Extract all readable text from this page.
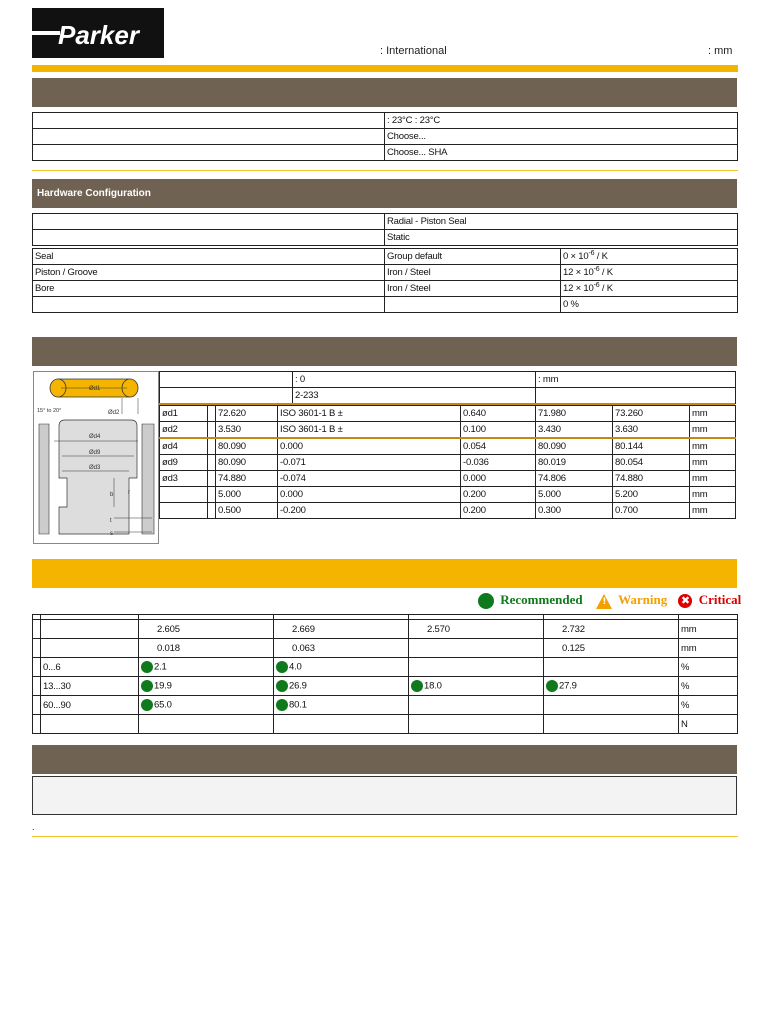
Parker
: International	: mm
	: 23°C : 23°C
	Choose...
	Choose... SHA
Hardware Configuration
	Radial - Piston Seal
	Static
Seal	Group default	$0 \times 10^{-6} / K$
Piston / Groove	Iron / Steel	$12 \times 10^{-6} / K$
Bore	Iron / Steel	$12 \times 10^{-6} / K$
		0 %
Ød1
Ød2
15° to 20°
Ød4
Ød9
Ød3
b r
t
s
	: 0	: mm
	2-233	
ød1		72.620	ISO 3601-1 B ±	0.640	71.980	73.260	mm
ød2		3.530	ISO 3601-1 B ±	0.100	3.430	3.630	mm
ød4		80.090	0.000	0.054	80.090	80.144	mm
ød9		80.090	-0.071	-0.036	80.019	80.054	mm
ød3		74.880	-0.074	0.000	74.806	74.880	mm
		5.000	0.000	0.200	5.000	5.200	mm
		0.500	-0.200	0.200	0.300	0.700	mm
Recommended ! Warning ✖ Critical

		2.605	2.669	2.570	2.732	mm
		0.018	0.063		0.125	mm
	0...6	2.1	4.0			%
	13...30	19.9	26.9	18.0	27.9	%
	60...90	65.0	80.1			%
						N
.
